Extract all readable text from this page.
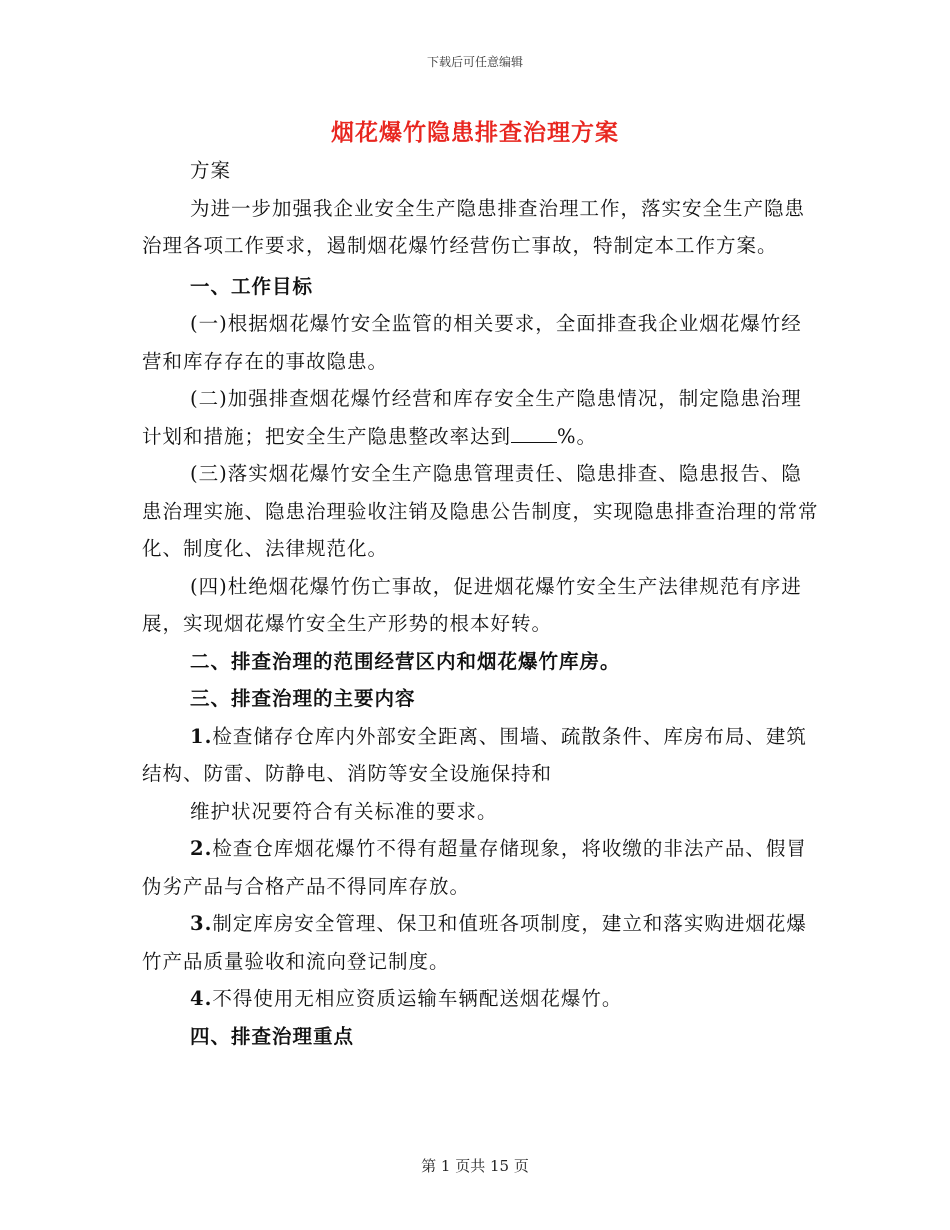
下载后可任意编辑
烟花爆竹隐患排查治理方案

方案

为进一步加强我企业安全生产隐患排查治理工作，落实安全生产隐患治理各项工作要求，遏制烟花爆竹经营伤亡事故，特制定本工作方案。

一、工作目标

(一)根据烟花爆竹安全监管的相关要求，全面排查我企业烟花爆竹经营和库存存在的事故隐患。

(二)加强排查烟花爆竹经营和库存安全生产隐患情况，制定隐患治理计划和措施；把安全生产隐患整改率达到 %。

(三)落实烟花爆竹安全生产隐患管理责任、隐患排查、隐患报告、隐患治理实施、隐患治理验收注销及隐患公告制度，实现隐患排查治理的常常化、制度化、法律规范化。

(四)杜绝烟花爆竹伤亡事故，促进烟花爆竹安全生产法律规范有序进展，实现烟花爆竹安全生产形势的根本好转。

二、排查治理的范围经营区内和烟花爆竹库房。

三、排查治理的主要内容

1.检查储存仓库内外部安全距离、围墙、疏散条件、库房布局、建筑结构、防雷、防静电、消防等安全设施保持和

维护状况要符合有关标准的要求。

2.检查仓库烟花爆竹不得有超量存储现象，将收缴的非法产品、假冒伪劣产品与合格产品不得同库存放。

3.制定库房安全管理、保卫和值班各项制度，建立和落实购进烟花爆竹产品质量验收和流向登记制度。

4.不得使用无相应资质运输车辆配送烟花爆竹。

四、排查治理重点

第 1 页共 15 页
